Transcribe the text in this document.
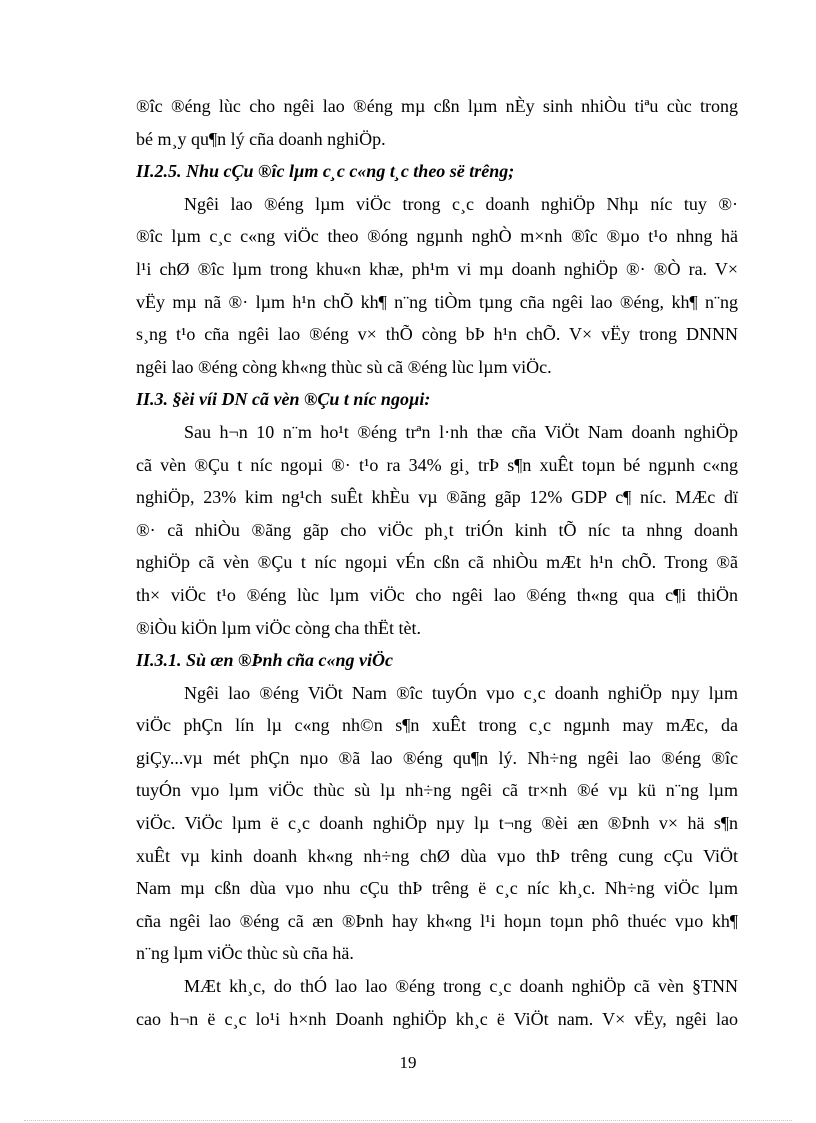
®îc ®éng lùc cho ngêi lao ®éng mµ cßn lµm nÈy sinh nhiÒu tiªu cùc trong
bé m¸y qu¶n lý cña doanh nghiÖp.
II.2.5. Nhu cÇu ®îc lµm c¸c c«ng t¸c theo së trêng;
Ngêi lao ®éng lµm viÖc trong c¸c doanh nghiÖp Nhµ níc tuy ®·
®îc lµm c¸c c«ng viÖc theo ®óng ngµnh nghÒ m×nh ®îc ®µo t¹o nhng hä
l¹i chØ ®îc lµm trong khu«n khæ, ph¹m vi mµ doanh nghiÖp ®· ®Ò ra. V×
vËy mµ nã ®· lµm h¹n chÕ kh¶ n¨ng tiÒm tµng cña ngêi lao ®éng, kh¶ n¨ng
s¸ng t¹o cña ngêi lao ®éng v× thÕ còng bÞ h¹n chÕ. V× vËy trong DNNN
ngêi lao ®éng còng kh«ng thùc sù cã ®éng lùc lµm viÖc.
II.3. §èi víi DN cã vèn ®Çu t níc ngoµi:
Sau h¬n 10 n¨m ho¹t ®éng trªn l·nh thæ cña ViÖt Nam doanh nghiÖp
cã vèn ®Çu t níc ngoµi ®· t¹o ra 34% gi¸ trÞ s¶n xuÊt toµn bé ngµnh c«ng
nghiÖp, 23% kim ng¹ch suÊt khÈu vµ ®ãng gãp 12% GDP c¶ níc. MÆc dï
®· cã nhiÒu ®ãng gãp cho viÖc ph¸t triÓn kinh tÕ níc ta nhng doanh
nghiÖp cã vèn ®Çu t níc ngoµi vÉn cßn cã nhiÒu mÆt h¹n chÕ. Trong ®ã
th× viÖc t¹o ®éng lùc lµm viÖc cho ngêi lao ®éng th«ng qua c¶i thiÖn
®iÒu kiÖn lµm viÖc còng cha thËt tèt.
II.3.1. Sù æn ®Þnh cña c«ng viÖc
Ngêi lao ®éng ViÖt Nam ®îc tuyÓn vµo c¸c doanh nghiÖp nµy lµm
viÖc phÇn lín lµ c«ng nh©n s¶n xuÊt trong c¸c ngµnh may mÆc, da
giÇy...vµ mét phÇn nµo ®ã lao ®éng qu¶n lý. Nh÷ng ngêi lao ®éng ®îc
tuyÓn vµo lµm viÖc thùc sù lµ nh÷ng ngêi cã tr×nh ®é vµ kü n¨ng lµm
viÖc. ViÖc lµm ë c¸c doanh nghiÖp nµy lµ t¬ng ®èi æn ®Þnh v× hä s¶n
xuÊt vµ kinh doanh kh«ng nh÷ng chØ dùa vµo thÞ trêng cung cÇu ViÖt
Nam mµ cßn dùa vµo nhu cÇu thÞ trêng ë c¸c níc kh¸c. Nh÷ng viÖc lµm
cña ngêi lao ®éng cã æn ®Þnh hay kh«ng l¹i hoµn toµn phô thuéc vµo kh¶
n¨ng lµm viÖc thùc sù cña hä.
MÆt kh¸c, do thÓ lao lao ®éng trong c¸c doanh nghiÖp cã vèn §TNN
cao h¬n ë c¸c lo¹i h×nh Doanh nghiÖp kh¸c ë ViÖt nam. V× vËy, ngêi lao
19
